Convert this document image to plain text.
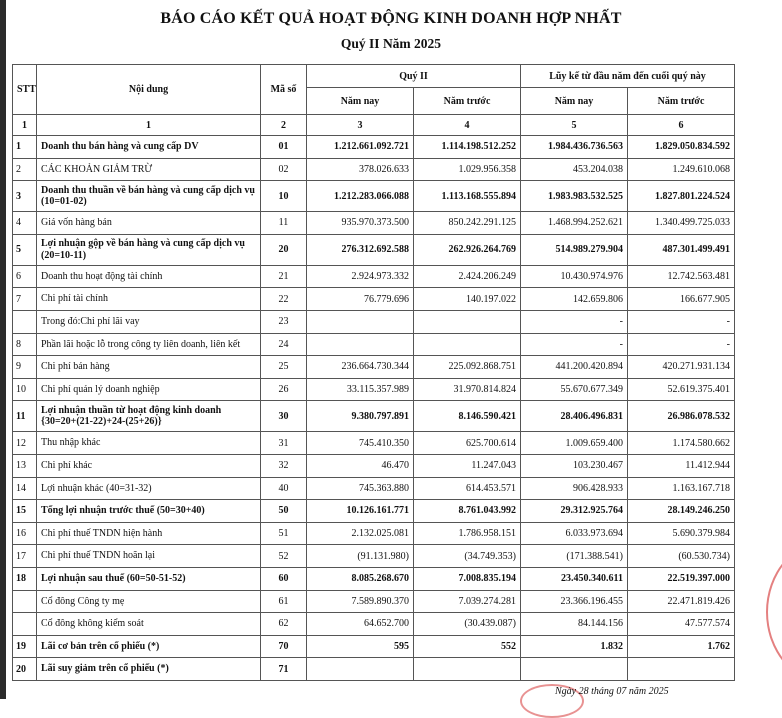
BÁO CÁO KẾT QUẢ HOẠT ĐỘNG KINH DOANH HỢP NHẤT
Quý II Năm 2025
STT	Nội dung	Mã số	Quý II		Lũy kế từ đầu năm đến cuối quý này	
			Năm nay	Năm trước	Năm nay	Năm trước
1	1	2	3	4	5	6
1	Doanh thu bán hàng và cung cấp DV	01	1.212.661.092.721	1.114.198.512.252	1.984.436.736.563	1.829.050.834.592
2	CÁC KHOẢN GIẢM TRỪ	02	378.026.633	1.029.956.358	453.204.038	1.249.610.068
3	Doanh thu thuần về bán hàng và cung cấp dịch vụ (10=01-02)	10	1.212.283.066.088	1.113.168.555.894	1.983.983.532.525	1.827.801.224.524
4	Giá vốn hàng bán	11	935.970.373.500	850.242.291.125	1.468.994.252.621	1.340.499.725.033
5	Lợi nhuận gộp về bán hàng và cung cấp dịch vụ (20=10-11)	20	276.312.692.588	262.926.264.769	514.989.279.904	487.301.499.491
6	Doanh thu hoạt động tài chính	21	2.924.973.332	2.424.206.249	10.430.974.976	12.742.563.481
7	Chi phí tài chính	22	76.779.696	140.197.022	142.659.806	166.677.905
	Trong đó:Chi phí lãi vay	23			-	-
8	Phần lãi hoặc lỗ trong công ty liên doanh, liên kết	24			-	-
9	Chi phí bán hàng	25	236.664.730.344	225.092.868.751	441.200.420.894	420.271.931.134
10	Chi phí quản lý doanh nghiệp	26	33.115.357.989	31.970.814.824	55.670.677.349	52.619.375.401
11	Lợi nhuận thuần từ hoạt động kinh doanh {30=20+(21-22)+24-(25+26)}	30	9.380.797.891	8.146.590.421	28.406.496.831	26.986.078.532
12	Thu nhập khác	31	745.410.350	625.700.614	1.009.659.400	1.174.580.662
13	Chi phí khác	32	46.470	11.247.043	103.230.467	11.412.944
14	Lợi nhuận khác (40=31-32)	40	745.363.880	614.453.571	906.428.933	1.163.167.718
15	Tổng lợi nhuận trước thuế (50=30+40)	50	10.126.161.771	8.761.043.992	29.312.925.764	28.149.246.250
16	Chi phí thuế TNDN hiện hành	51	2.132.025.081	1.786.958.151	6.033.973.694	5.690.379.984
17	Chi phí thuế TNDN hoãn lại	52	(91.131.980)	(34.749.353)	(171.388.541)	(60.530.734)
18	Lợi nhuận sau thuế (60=50-51-52)	60	8.085.268.670	7.008.835.194	23.450.340.611	22.519.397.000
	Cổ đông Công ty mẹ	61	7.589.890.370	7.039.274.281	23.366.196.455	22.471.819.426
	Cổ đông không kiểm soát	62	64.652.700	(30.439.087)	84.144.156	47.577.574
19	Lãi cơ bản trên cổ phiếu (*)	70	595	552	1.832	1.762
20	Lãi suy giảm trên cổ phiếu (*)	71				
Ngày 28 tháng 07 năm 2025
